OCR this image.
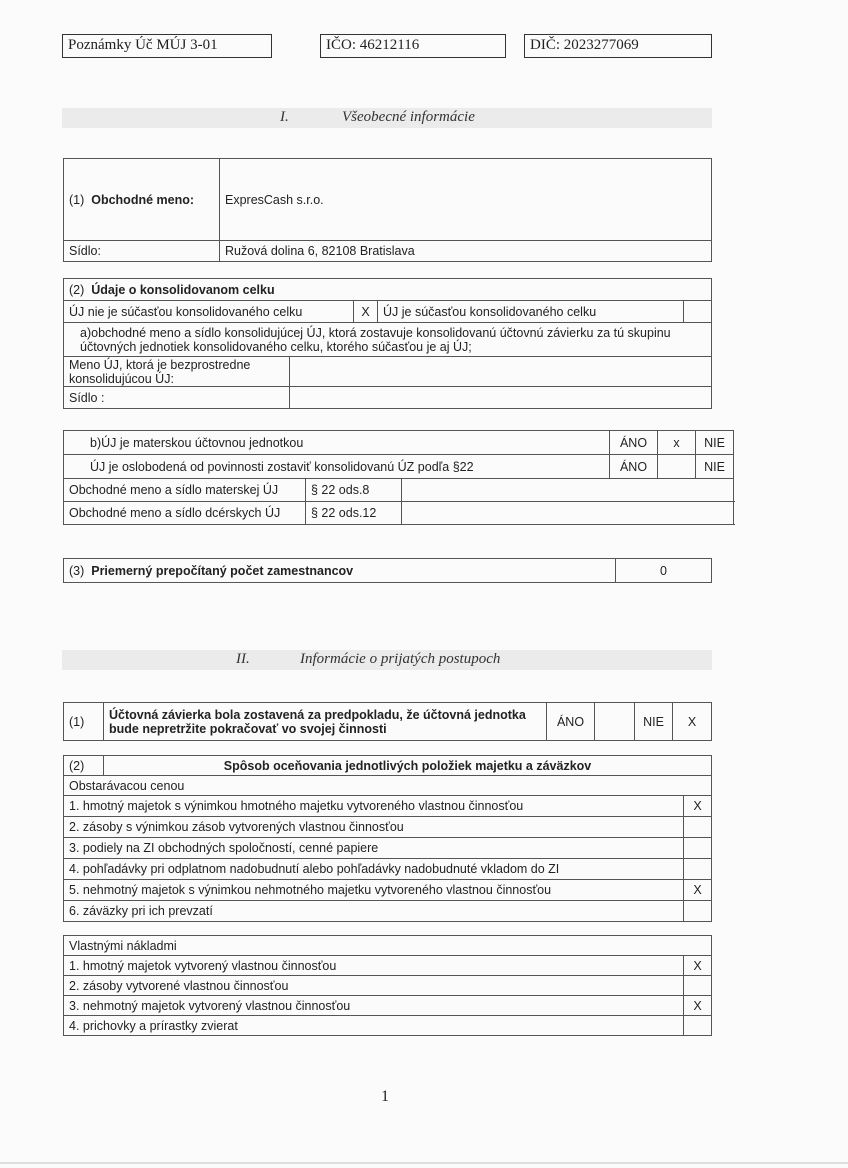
Poznámky Úč MÚJ 3-01	IČO: 46212116	DIČ: 2023277069
I.	Všeobecné informácie
(1) Obchodné meno:	ExpresCash s.r.o.
Sídlo:	Ružová dolina 6, 82108 Bratislava
(2) Údaje o konsolidovanom celku				
ÚJ nie je súčasťou konsolidovaného celku		X	ÚJ je súčasťou konsolidovaného celku	
a)obchodné meno a sídlo konsolidujúcej ÚJ, ktorá zostavuje konsolidovanú účtovnú závierku za tú skupinu účtovných jednotiek konsolidovaného celku, ktorého súčasťou je aj ÚJ;				
Meno ÚJ, ktorá je bezprostredne konsolidujúcou ÚJ:				
Sídlo :				
b)ÚJ je materskou účtovnou jednotkou			ÁNO	x	NIE	
ÚJ je oslobodená od povinnosti zostaviť konsolidovanú ÚZ podľa §22			ÁNO		NIE	
Obchodné meno a sídlo materskej ÚJ	§ 22 ods.8					
Obchodné meno a sídlo dcérskych ÚJ	§ 22 ods.12					
(3) Priemerný prepočítaný počet zamestnancov	0
II.	Informácie o prijatých postupoch
(1)	Účtovná závierka bola zostavená za predpokladu, že účtovná jednotka bude nepretržite pokračovať vo svojej činnosti	ÁNO		NIE	X
(2)	Spôsob oceňovania jednotlivých položiek majetku a záväzkov	
Obstarávacou cenou		
1. hmotný majetok s výnimkou hmotného majetku vytvoreného vlastnou činnosťou		X
2. zásoby s výnimkou zásob vytvorených vlastnou činnosťou		
3. podiely na ZI obchodných spoločností, cenné papiere		
4. pohľadávky pri odplatnom nadobudnutí alebo pohľadávky nadobudnuté vkladom do ZI		
5. nehmotný majetok s výnimkou nehmotného majetku vytvoreného vlastnou činnosťou		X
6. záväzky pri ich prevzatí		
Vlastnými nákladmi	
1. hmotný majetok vytvorený vlastnou činnosťou	X
2. zásoby vytvorené vlastnou činnosťou	
3. nehmotný majetok vytvorený vlastnou činnosťou	X
4. prichovky a prírastky zvierat	
1
